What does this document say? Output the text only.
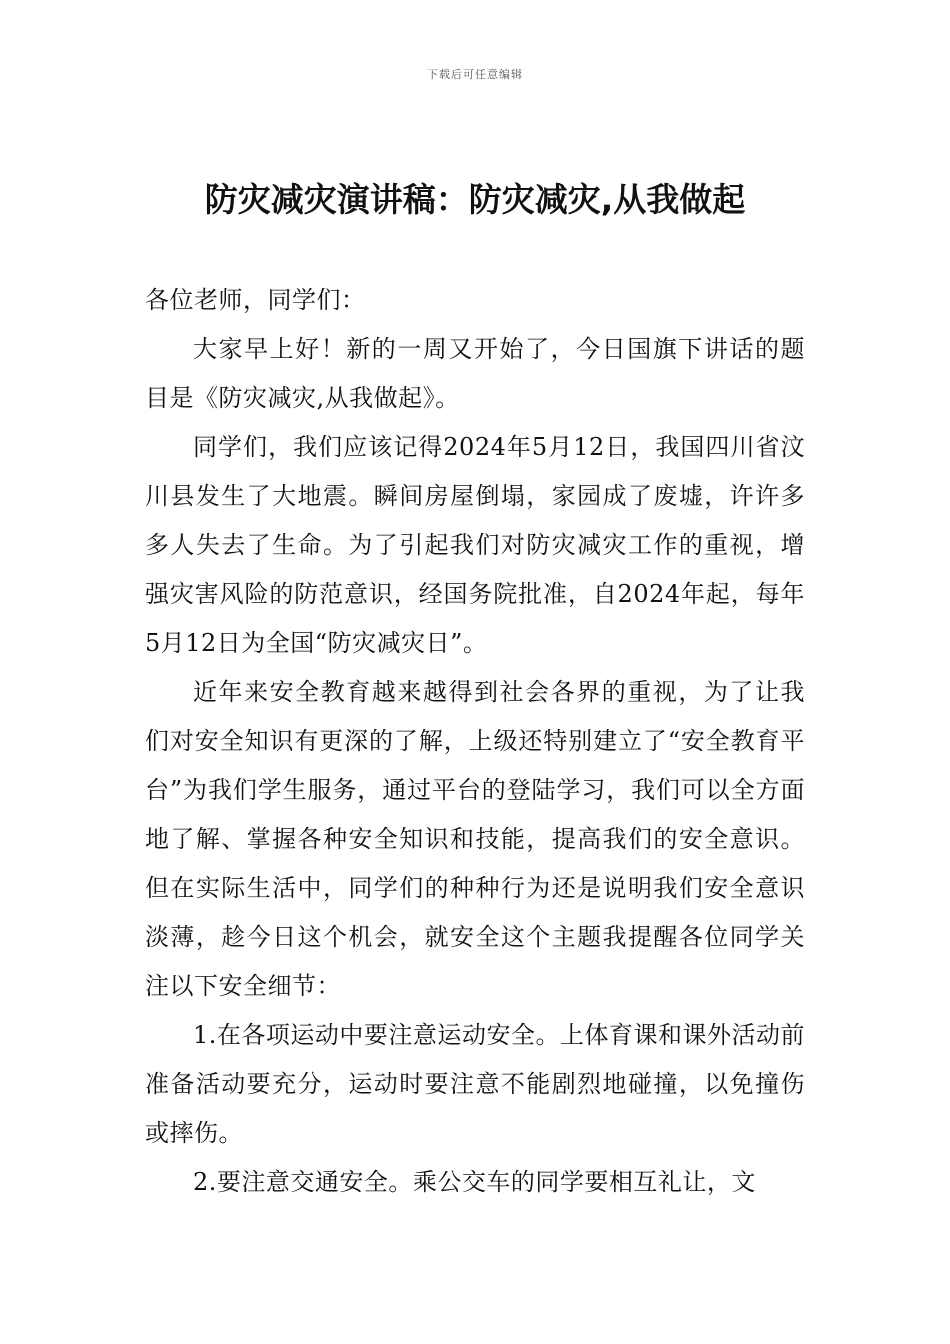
下载后可任意编辑
防灾减灾演讲稿：防灾减灾,从我做起

各位老师，同学们：

大家早上好！新的一周又开始了，今日国旗下讲话的题目是《防灾减灾,从我做起》。

同学们，我们应该记得2024年5月12日，我国四川省汶川县发生了大地震。瞬间房屋倒塌，家园成了废墟，许许多多人失去了生命。为了引起我们对防灾减灾工作的重视，增强灾害风险的防范意识，经国务院批准，自2024年起，每年5月12日为全国“防灾减灾日”。

近年来安全教育越来越得到社会各界的重视，为了让我们对安全知识有更深的了解，上级还特别建立了“安全教育平台”为我们学生服务，通过平台的登陆学习，我们可以全方面地了解、掌握各种安全知识和技能，提高我们的安全意识。但在实际生活中，同学们的种种行为还是说明我们安全意识淡薄，趁今日这个机会，就安全这个主题我提醒各位同学关注以下安全细节：

1.在各项运动中要注意运动安全。上体育课和课外活动前准备活动要充分，运动时要注意不能剧烈地碰撞，以免撞伤或摔伤。

2.要注意交通安全。乘公交车的同学要相互礼让，文
